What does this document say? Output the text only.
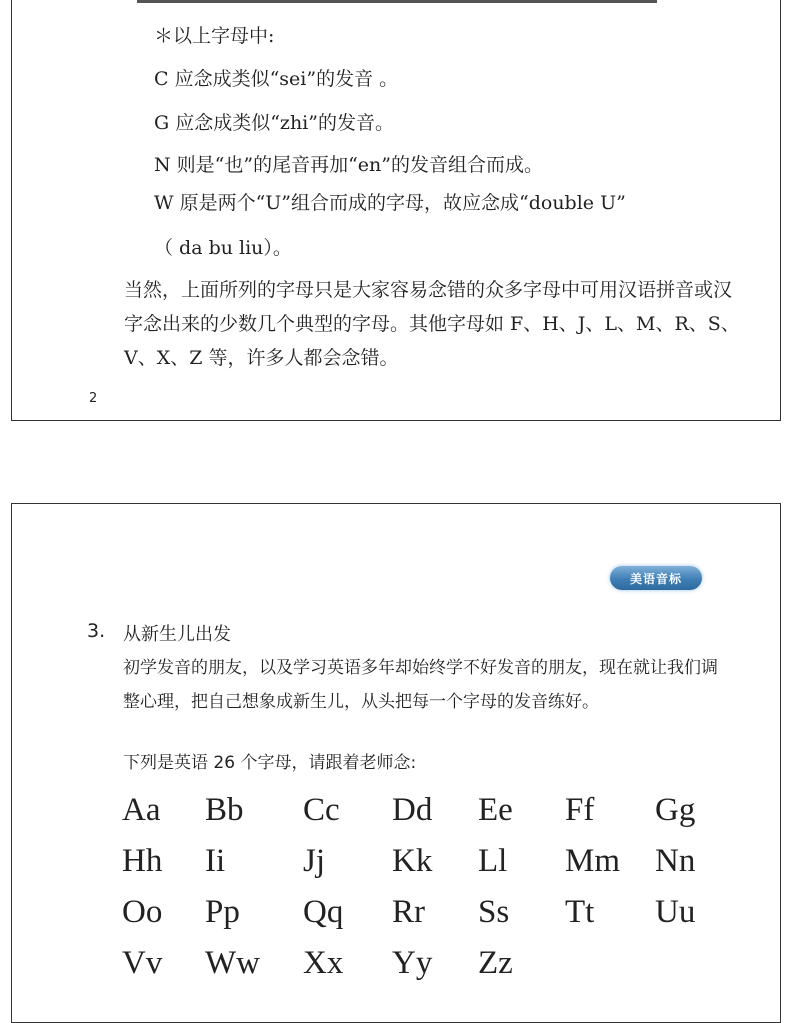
＊以上字母中:
C 应念成类似“sei”的发音 。
G 应念成类似“zhi”的发音。
N 则是“也”的尾音再加“en”的发音组合而成。
W 原是两个“U”组合而成的字母，故应念成“double U”
（ da bu liu）。
当然，上面所列的字母只是大家容易念错的众多字母中可用汉语拼音或汉字念出来的少数几个典型的字母。其他字母如 F、H、J、L、M、R、S、V、X、Z 等，许多人都会念错。
2
美语音标
3. 从新生儿出发
初学发音的朋友，以及学习英语多年却始终学不好发音的朋友，现在就让我们调整心理，把自己想象成新生儿，从头把每一个字母的发音练好。
下列是英语 26 个字母，请跟着老师念:
Aa Bb Cc Dd Ee Ff Gg
Hh Ii Jj Kk Ll Mm Nn
Oo Pp Qq Rr Ss Tt Uu
Vv Ww Xx Yy Zz
